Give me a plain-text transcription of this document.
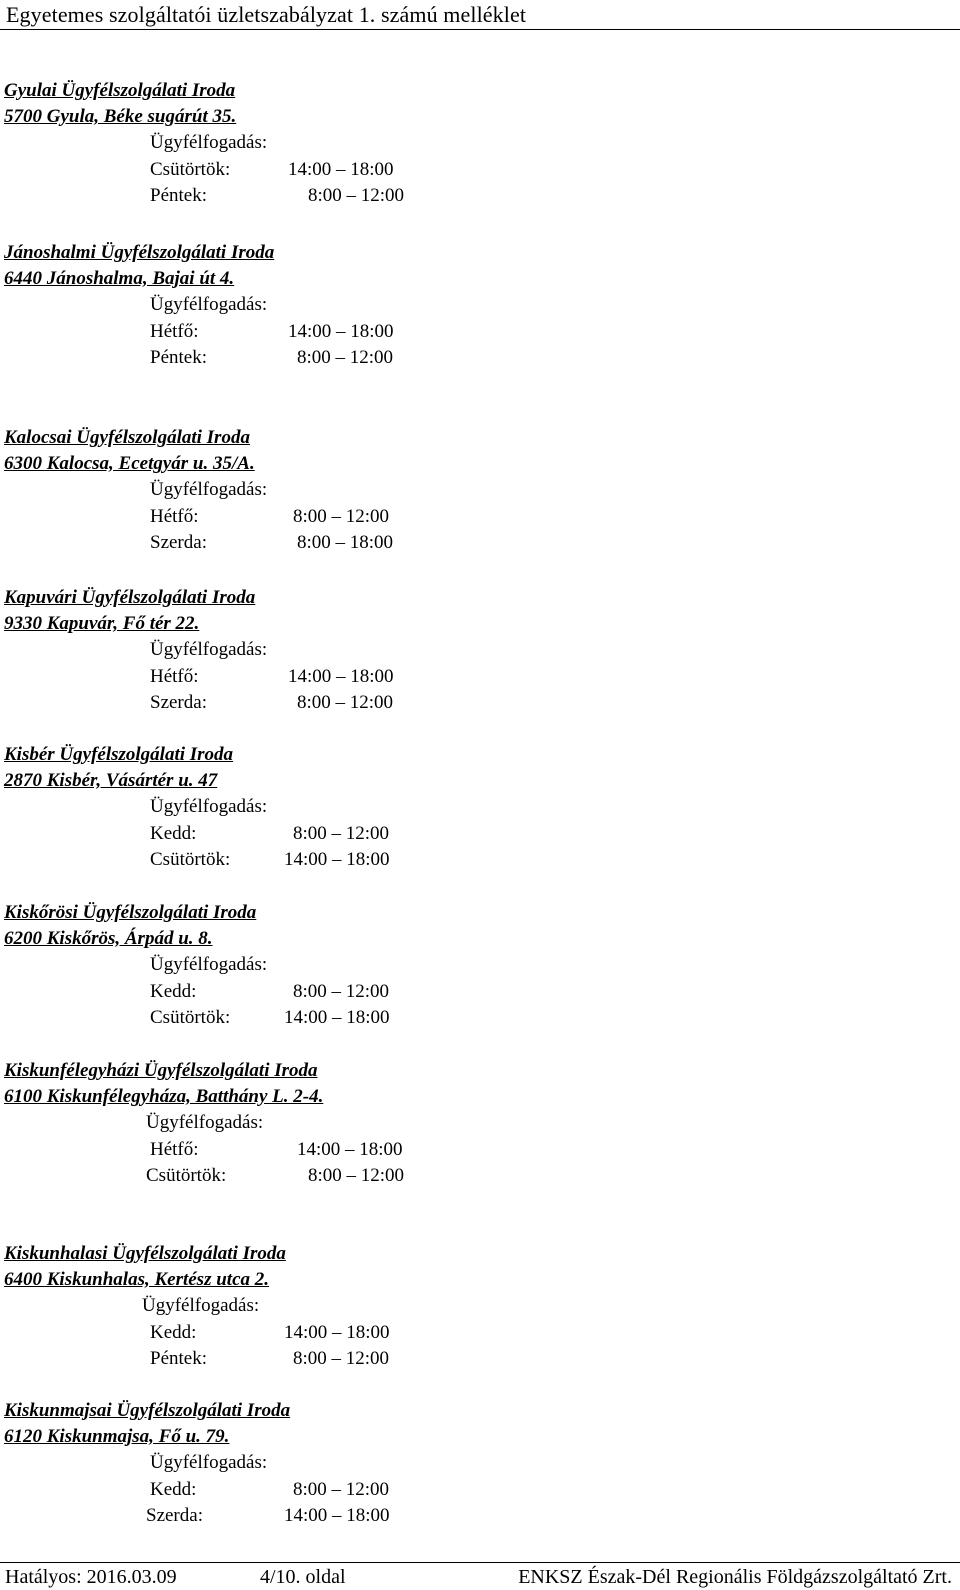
Egyetemes szolgáltatói üzletszabályzat 1. számú melléklet
Gyulai Ügyfélszolgálati Iroda
5700 Gyula, Béke sugárút 35.
Ügyfélfogadás:
Csütörtök:	14:00 – 18:00
Péntek:	8:00 – 12:00
Jánoshalmi Ügyfélszolgálati Iroda
6440 Jánoshalma, Bajai út 4.
Ügyfélfogadás:
Hétfő:	14:00 – 18:00
Péntek:	8:00 – 12:00
Kalocsai Ügyfélszolgálati Iroda
6300 Kalocsa, Ecetgyár u. 35/A.
Ügyfélfogadás:
Hétfő:	8:00 – 12:00
Szerda:	8:00 – 18:00
Kapuvári Ügyfélszolgálati Iroda
9330 Kapuvár, Fő tér 22.
Ügyfélfogadás:
Hétfő:	14:00 – 18:00
Szerda:	8:00 – 12:00
Kisbér Ügyfélszolgálati Iroda
2870 Kisbér, Vásártér u. 47
Ügyfélfogadás:
Kedd:	8:00 – 12:00
Csütörtök:	14:00 – 18:00
Kiskőrösi Ügyfélszolgálati Iroda
6200 Kiskőrös, Árpád u. 8.
Ügyfélfogadás:
Kedd:	8:00 – 12:00
Csütörtök:	14:00 – 18:00
Kiskunfélegyházi Ügyfélszolgálati Iroda
6100 Kiskunfélegyháza, Batthány L. 2-4.
Ügyfélfogadás:
Hétfő:	14:00 – 18:00
Csütörtök:	8:00 – 12:00
Kiskunhalasi Ügyfélszolgálati Iroda
6400 Kiskunhalas, Kertész utca 2.
Ügyfélfogadás:
Kedd:	14:00 – 18:00
Péntek:	8:00 – 12:00
Kiskunmajsai Ügyfélszolgálati Iroda
6120 Kiskunmajsa, Fő u. 79.
Ügyfélfogadás:
Kedd:	8:00 – 12:00
Szerda:	14:00 – 18:00
Hatályos: 2016.03.09	4/10. oldal	ENKSZ Észak-Dél Regionális Földgázszolgáltató Zrt.
